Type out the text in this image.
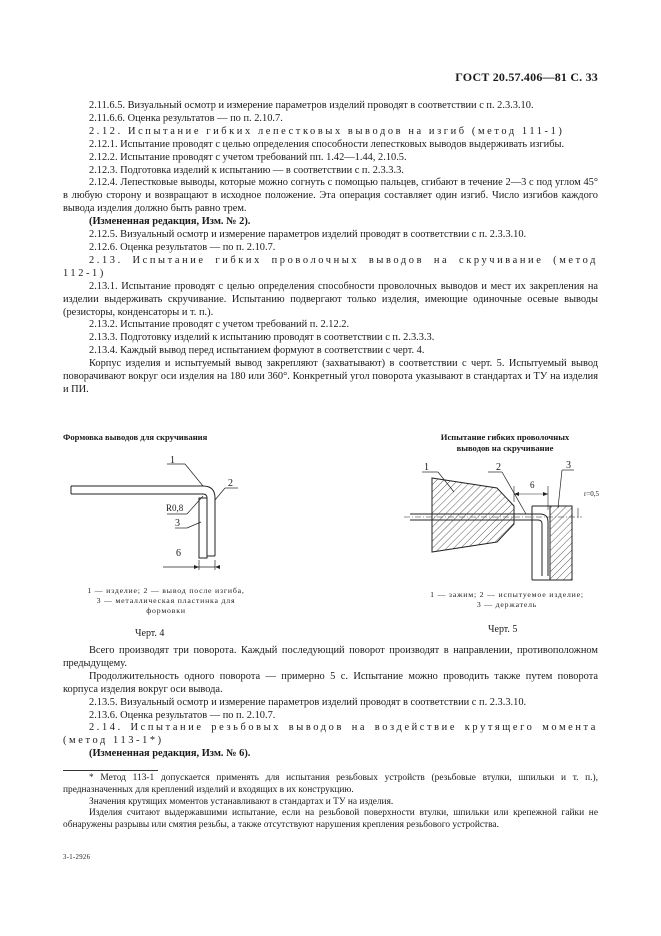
ГОСТ 20.57.406—81 С. 33

2.11.6.5. Визуальный осмотр и измерение параметров изделий проводят в соответствии с п. 2.3.3.10.

2.11.6.6. Оценка результатов — по п. 2.10.7.

2.12. Испытание гибких лепестковых выводов на изгиб (метод 111-1)

2.12.1. Испытание проводят с целью определения способности лепестковых выводов выдерживать изгибы.

2.12.2. Испытание проводят с учетом требований пп. 1.42—1.44, 2.10.5.

2.12.3. Подготовка изделий к испытанию — в соответствии с п. 2.3.3.3.

2.12.4. Лепестковые выводы, которые можно согнуть с помощью пальцев, сгибают в течение 2—3 с под углом 45° в любую сторону и возвращают в исходное положение. Эта операция составляет один изгиб. Число изгибов каждого вывода изделия должно быть равно трем.

(Измененная редакция, Изм. № 2).

2.12.5. Визуальный осмотр и измерение параметров изделий проводят в соответствии с п. 2.3.3.10.

2.12.6. Оценка результатов — по п. 2.10.7.

2.13. Испытание гибких проволочных выводов на скручивание (метод 112-1)

2.13.1. Испытание проводят с целью определения способности проволочных выводов и мест их закрепления на изделии выдерживать скручивание. Испытанию подвергают только изделия, имеющие одиночные осевые выводы (резисторы, конденсаторы и т. п.).

2.13.2. Испытание проводят с учетом требований п. 2.12.2.

2.13.3. Подготовку изделий к испытанию проводят в соответствии с п. 2.3.3.3.

2.13.4. Каждый вывод перед испытанием формуют в соответствии с черт. 4.

Корпус изделия и испытуемый вывод закрепляют (захватывают) в соответствии с черт. 5. Испытуемый вывод поворачивают вокруг оси изделия на 180 или 360°. Конкретный угол поворота указывают в стандартах и ТУ на изделия и ПИ.

Формовка выводов для скручивания
1
2
3
R0,8
6
1 — изделие; 2 — вывод после изгиба,
3 — металлическая пластинка для
формовки
Черт. 4
Испытание гибких проволочных
выводов на скручивание
1	2	3
6
r=0,5
1 — зажим; 2 — испытуемое изделие;
3 — держатель
Черт. 5

Всего производят три поворота. Каждый последующий поворот производят в направлении, противоположном предыдущему.

Продолжительность одного поворота — примерно 5 с. Испытание можно проводить также путем поворота корпуса изделия вокруг оси вывода.

2.13.5. Визуальный осмотр и измерение параметров изделий проводят в соответствии с п. 2.3.3.10.

2.13.6. Оценка результатов — по п. 2.10.7.

2.14. Испытание резьбовых выводов на воздействие крутящего момента (метод 113-1*)

(Измененная редакция, Изм. № 6).

* Метод 113-1 допускается применять для испытания резьбовых устройств (резьбовые втулки, шпильки и т. п.), предназначенных для креплений изделий и входящих в их конструкцию.

Значения крутящих моментов устанавливают в стандартах и ТУ на изделия.

Изделия считают выдержавшими испытание, если на резьбовой поверхности втулки, шпильки или крепежной гайки не обнаружены разрывы или смятия резьбы, а также отсутствуют нарушения крепления резьбового устройства.

3-1-2926
